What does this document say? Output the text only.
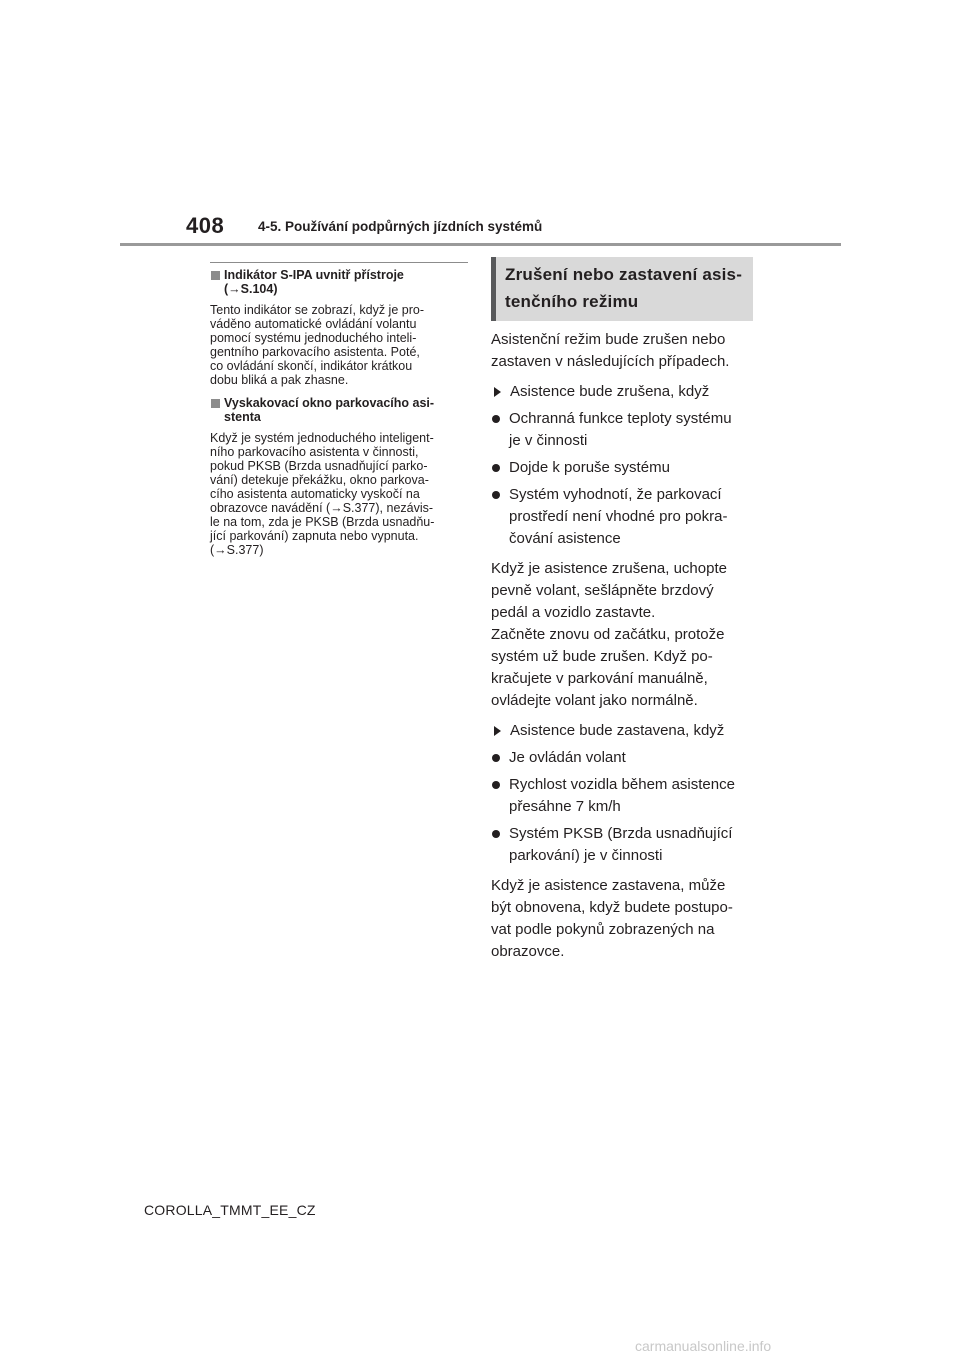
408	4-5. Používání podpůrných jízdních systémů
Indikátor S-IPA uvnitř přístroje
(→S.104)
Tento indikátor se zobrazí, když je pro-
váděno automatické ovládání volantu
pomocí systému jednoduchého inteli-
gentního parkovacího asistenta. Poté,
co ovládání skončí, indikátor krátkou
dobu bliká a pak zhasne.
Vyskakovací okno parkovacího asi-
stenta
Když je systém jednoduchého inteligent-
ního parkovacího asistenta v činnosti,
pokud PKSB (Brzda usnadňující parko-
vání) detekuje překážku, okno parkova-
cího asistenta automaticky vyskočí na
obrazovce navádění (→S.377), nezávis-
le na tom, zda je PKSB (Brzda usnadňu-
jící parkování) zapnuta nebo vypnuta.
(→S.377)
Zrušení nebo zastavení asis-
tenčního režimu
Asistenční režim bude zrušen nebo
zastaven v následujících případech.
Asistence bude zrušena, když
Ochranná funkce teploty systému
je v činnosti
Dojde k poruše systému
Systém vyhodnotí, že parkovací
prostředí není vhodné pro pokra-
čování asistence
Když je asistence zrušena, uchopte
pevně volant, sešlápněte brzdový
pedál a vozidlo zastavte.
Začněte znovu od začátku, protože
systém už bude zrušen. Když po-
kračujete v parkování manuálně,
ovládejte volant jako normálně.
Asistence bude zastavena, když
Je ovládán volant
Rychlost vozidla během asistence
přesáhne 7 km/h
Systém PKSB (Brzda usnadňující
parkování) je v činnosti
Když je asistence zastavena, může
být obnovena, když budete postupo-
vat podle pokynů zobrazených na
obrazovce.
COROLLA_TMMT_EE_CZ
carmanualsonline.info
